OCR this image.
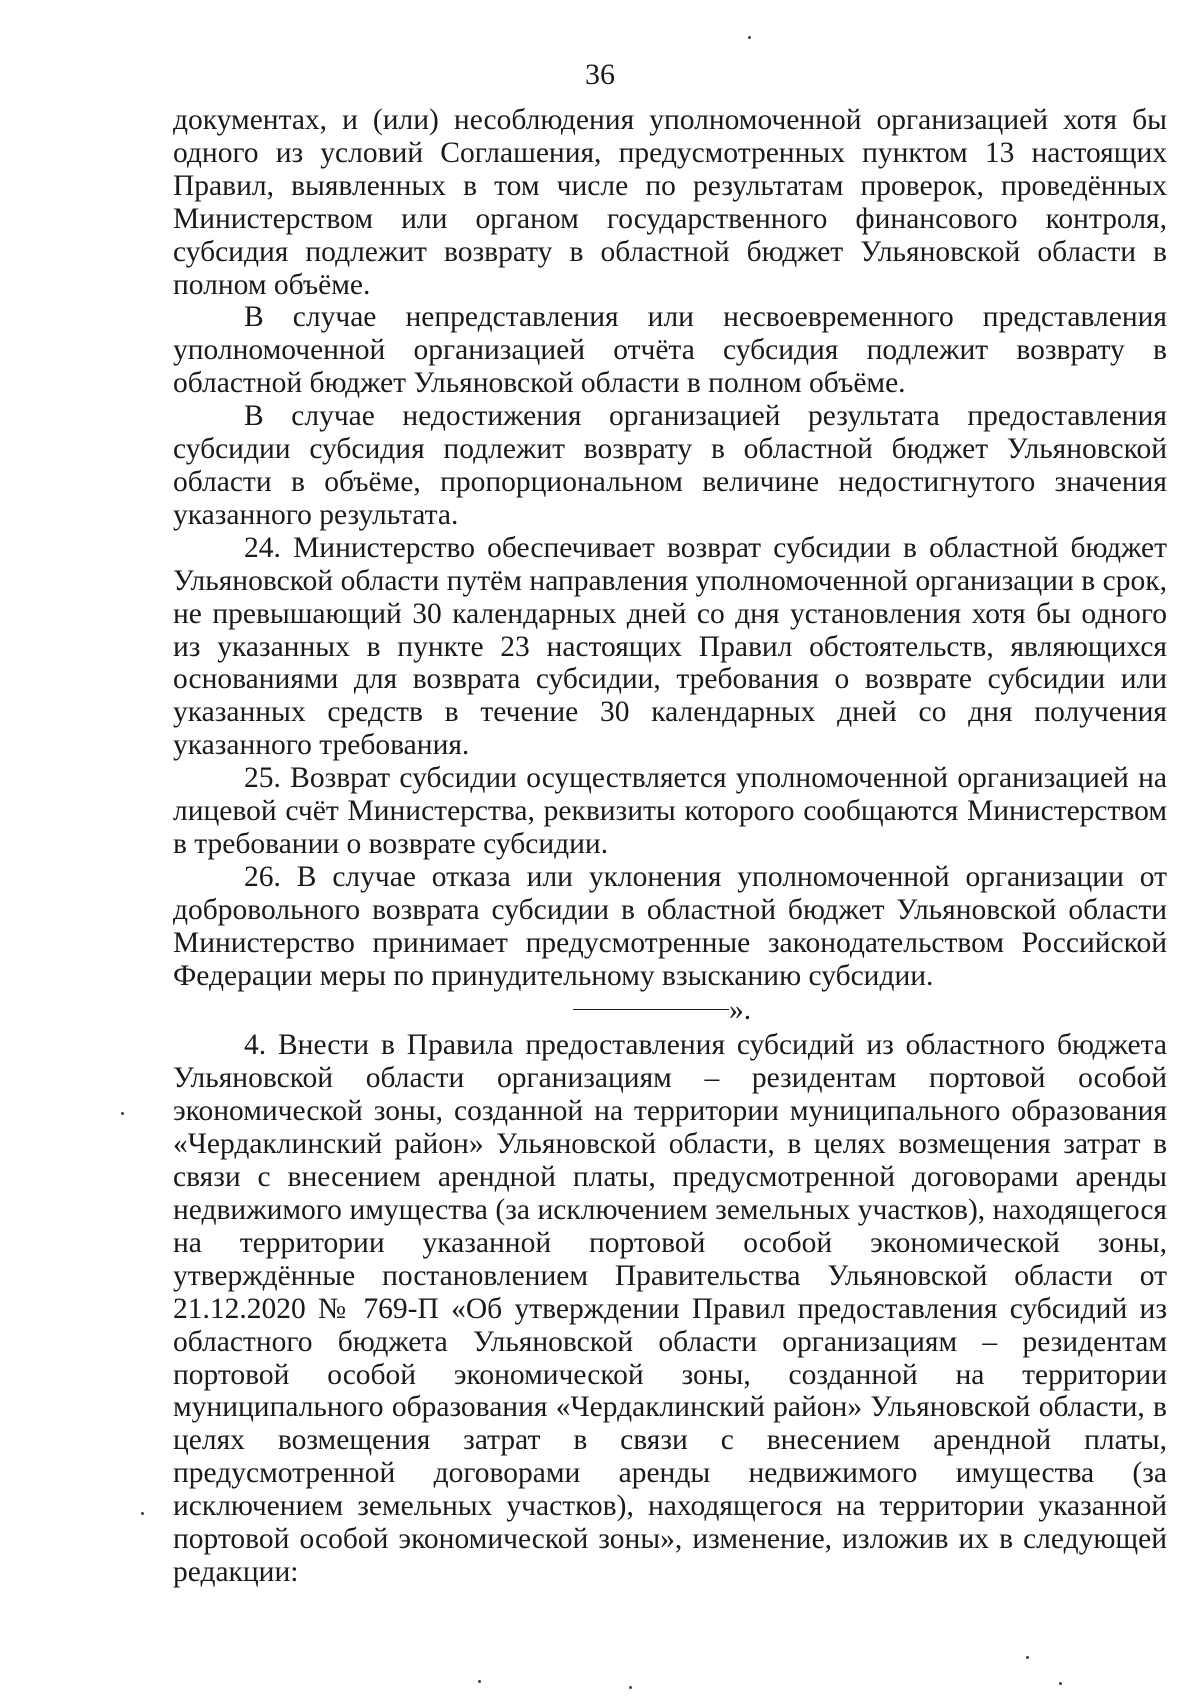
36

документах, и (или) несоблюдения уполномоченной организацией хотя бы одного из условий Соглашения, предусмотренных пунктом 13 настоящих Правил, выявленных в том числе по результатам проверок, проведённых Министерством или органом государственного финансового контроля, субсидия подлежит возврату в областной бюджет Ульяновской области в полном объёме.

В случае непредставления или несвоевременного представления уполномоченной организацией отчёта субсидия подлежит возврату в областной бюджет Ульяновской области в полном объёме.

В случае недостижения организацией результата предоставления субсидии субсидия подлежит возврату в областной бюджет Ульяновской области в объёме, пропорциональном величине недостигнутого значения указанного результата.

24. Министерство обеспечивает возврат субсидии в областной бюджет Ульяновской области путём направления уполномоченной организации в срок, не превышающий 30 календарных дней со дня установления хотя бы одного из указанных в пункте 23 настоящих Правил обстоятельств, являющихся основаниями для возврата субсидии, требования о возврате субсидии или указанных средств в течение 30 календарных дней со дня получения указанного требования.

25. Возврат субсидии осуществляется уполномоченной организацией на лицевой счёт Министерства, реквизиты которого сообщаются Министерством в требовании о возврате субсидии.

26. В случае отказа или уклонения уполномоченной организации от добровольного возврата субсидии в областной бюджет Ульяновской области Министерство принимает предусмотренные законодательством Российской Федерации меры по принудительному взысканию субсидии.

».

4. Внести в Правила предоставления субсидий из областного бюджета Ульяновской области организациям – резидентам портовой особой экономической зоны, созданной на территории муниципального образования «Чердаклинский район» Ульяновской области, в целях возмещения затрат в связи с внесением арендной платы, предусмотренной договорами аренды недвижимого имущества (за исключением земельных участков), находящегося на территории указанной портовой особой экономической зоны, утверждённые постановлением Правительства Ульяновской области от 21.12.2020 № 769-П «Об утверждении Правил предоставления субсидий из областного бюджета Ульяновской области организациям – резидентам портовой особой экономической зоны, созданной на территории муниципального образования «Чердаклинский район» Ульяновской области, в целях возмещения затрат в связи с внесением арендной платы, предусмотренной договорами аренды недвижимого имущества (за исключением земельных участков), находящегося на территории указанной портовой особой экономической зоны», изменение, изложив их в следующей редакции:
